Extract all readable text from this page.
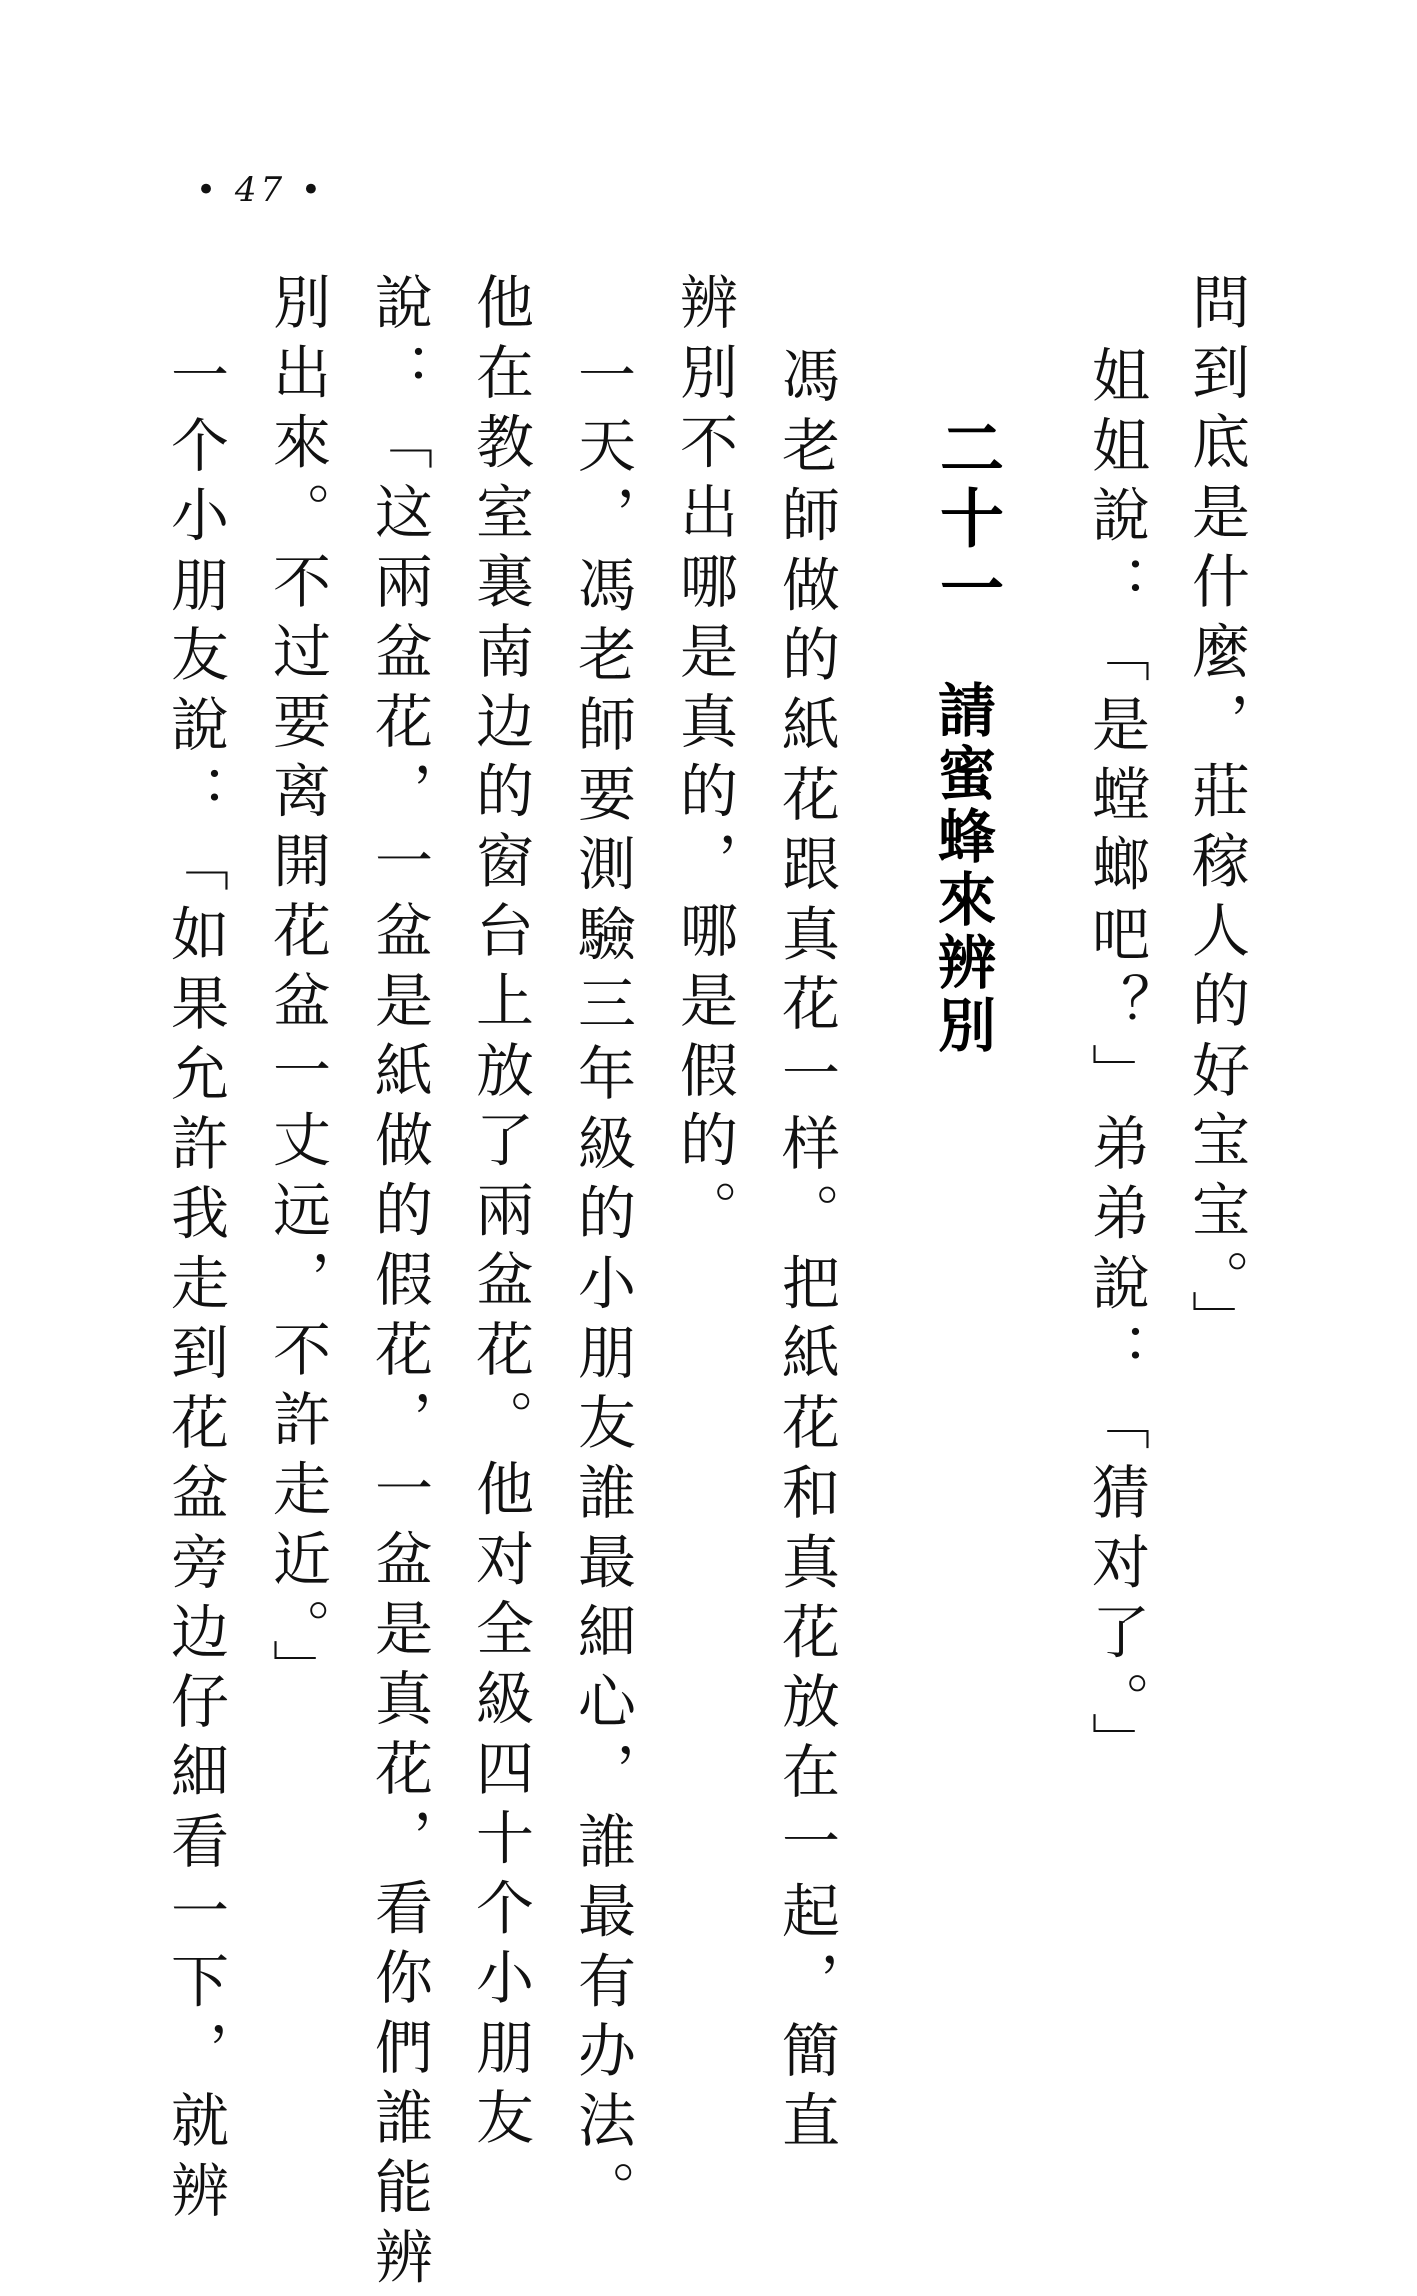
• 47 •
問到底是什麼，莊稼人的好宝宝。」
姐姐說：「是螳螂吧？」弟弟說：「猜对了。」
二十一
請蜜蜂來辨別
馮老師做的紙花跟真花一样。把紙花和真花放在一起，簡直
辨別不出哪是真的，哪是假的。
一天，馮老師要測驗三年級的小朋友誰最細心，誰最有办法。
他在教室裏南边的窗台上放了兩盆花。他对全級四十个小朋友
說：「这兩盆花，一盆是紙做的假花，一盆是真花，看你們誰能辨
別出來。不过要离開花盆一丈远，不許走近。」
一个小朋友說：「如果允許我走到花盆旁边仔細看一下，就辨
